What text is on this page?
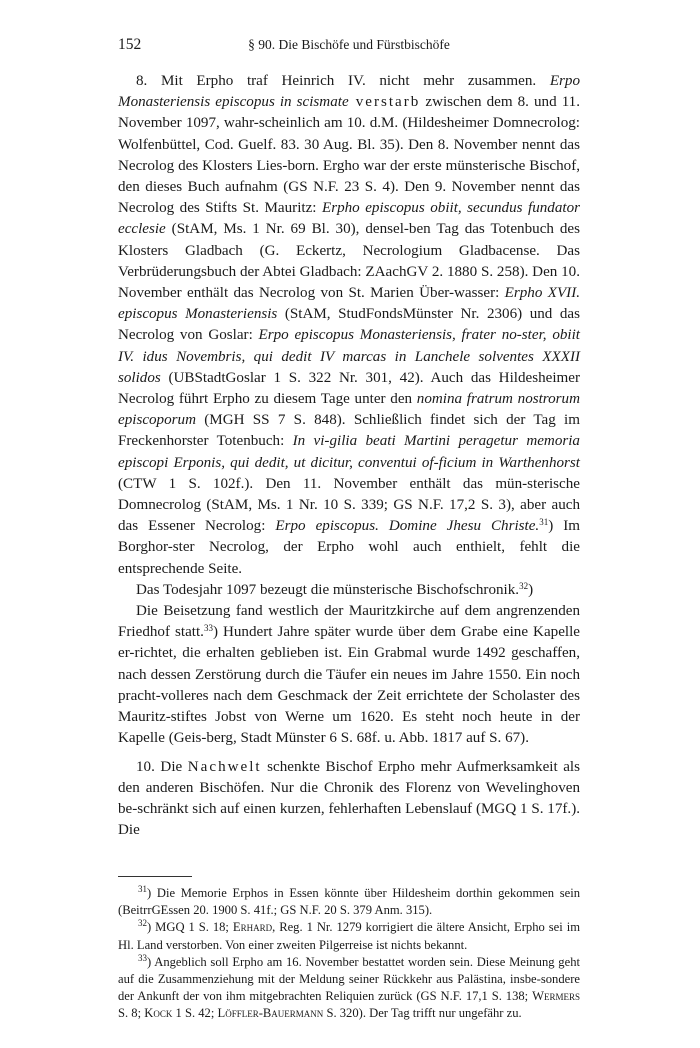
152	§ 90. Die Bischöfe und Fürstbischöfe

8. Mit Erpho traf Heinrich IV. nicht mehr zusammen. Erpo Monasteriensis episcopus in scismate verstarb zwischen dem 8. und 11. November 1097, wahr-scheinlich am 10. d.M. (Hildesheimer Domnecrolog: Wolfenbüttel, Cod. Guelf. 83. 30 Aug. Bl. 35). Den 8. November nennt das Necrolog des Klosters Lies-born. Ergho war der erste münsterische Bischof, den dieses Buch aufnahm (GS N.F. 23 S. 4). Den 9. November nennt das Necrolog des Stifts St. Mauritz: Erpho episcopus obiit, secundus fundator ecclesie (StAM, Ms. 1 Nr. 69 Bl. 30), densel-ben Tag das Totenbuch des Klosters Gladbach (G. Eckertz, Necrologium Gladbacense. Das Verbrüderungsbuch der Abtei Gladbach: ZAachGV 2. 1880 S. 258). Den 10. November enthält das Necrolog von St. Marien Über-wasser: Erpho XVII. episcopus Monasteriensis (StAM, StudFondsMünster Nr. 2306) und das Necrolog von Goslar: Erpo episcopus Monasteriensis, frater no-ster, obiit IV. idus Novembris, qui dedit IV marcas in Lanchele solventes XXXII solidos (UBStadtGoslar 1 S. 322 Nr. 301, 42). Auch das Hildesheimer Necrolog führt Erpho zu diesem Tage unter den nomina fratrum nostrorum episcoporum (MGH SS 7 S. 848). Schließlich findet sich der Tag im Freckenhorster Totenbuch: In vi-gilia beati Martini peragetur memoria episcopi Erponis, qui dedit, ut dicitur, conventui of-ficium in Warthenhorst (CTW 1 S. 102f.). Den 11. November enthält das mün-sterische Domnecrolog (StAM, Ms. 1 Nr. 10 S. 339; GS N.F. 17,2 S. 3), aber auch das Essener Necrolog: Erpo episcopus. Domine Jhesu Christe.$^{31}$) Im Borghor-ster Necrolog, der Erpho wohl auch enthielt, fehlt die entsprechende Seite.

Das Todesjahr 1097 bezeugt die münsterische Bischofschronik.$^{32}$)

Die Beisetzung fand westlich der Mauritzkirche auf dem angrenzenden Friedhof statt.$^{33}$) Hundert Jahre später wurde über dem Grabe eine Kapelle er-richtet, die erhalten geblieben ist. Ein Grabmal wurde 1492 geschaffen, nach dessen Zerstörung durch die Täufer ein neues im Jahre 1550. Ein noch pracht-volleres nach dem Geschmack der Zeit errichtete der Scholaster des Mauritz-stiftes Jobst von Werne um 1620. Es steht noch heute in der Kapelle (Geis-berg, Stadt Münster 6 S. 68f. u. Abb. 1817 auf S. 67).

10. Die Nachwelt schenkte Bischof Erpho mehr Aufmerksamkeit als den anderen Bischöfen. Nur die Chronik des Florenz von Wevelinghoven be-schränkt sich auf einen kurzen, fehlerhaften Lebenslauf (MGQ 1 S. 17f.). Die

$^{31}$) Die Memorie Erphos in Essen könnte über Hildesheim dorthin gekommen sein (BeitrrGEssen 20. 1900 S. 41f.; GS N.F. 20 S. 379 Anm. 315).

$^{32}$) MGQ 1 S. 18; Erhard, Reg. 1 Nr. 1279 korrigiert die ältere Ansicht, Erpho sei im Hl. Land verstorben. Von einer zweiten Pilgerreise ist nichts bekannt.

$^{33}$) Angeblich soll Erpho am 16. November bestattet worden sein. Diese Meinung geht auf die Zusammenziehung mit der Meldung seiner Rückkehr aus Palästina, insbe-sondere der Ankunft der von ihm mitgebrachten Reliquien zurück (GS N.F. 17,1 S. 138; Wermers S. 8; Kock 1 S. 42; Löffler-Bauermann S. 320). Der Tag trifft nur ungefähr zu.
